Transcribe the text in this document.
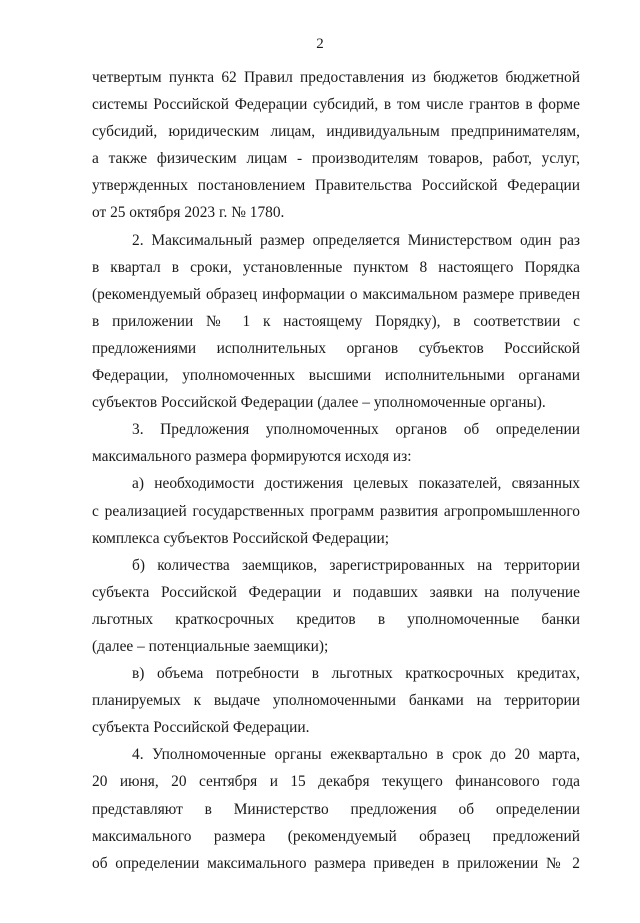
2
четвертым пункта 62 Правил предоставления из бюджетов бюджетной
системы Российской Федерации субсидий, в том числе грантов в форме
субсидий, юридическим лицам, индивидуальным предпринимателям,
а также физическим лицам - производителям товаров, работ, услуг,
утвержденных постановлением Правительства Российской Федерации
от 25 октября 2023 г. № 1780.
2. Максимальный размер определяется Министерством один раз
в квартал в сроки, установленные пунктом 8 настоящего Порядка
(рекомендуемый образец информации о максимальном размере приведен
в приложении № 1 к настоящему Порядку), в соответствии с
предложениями исполнительных органов субъектов Российской
Федерации, уполномоченных высшими исполнительными органами
субъектов Российской Федерации (далее – уполномоченные органы).
3. Предложения уполномоченных органов об определении
максимального размера формируются исходя из:
а) необходимости достижения целевых показателей, связанных
с реализацией государственных программ развития агропромышленного
комплекса субъектов Российской Федерации;
б) количества заемщиков, зарегистрированных на территории
субъекта Российской Федерации и подавших заявки на получение
льготных краткосрочных кредитов в уполномоченные банки
(далее – потенциальные заемщики);
в) объема потребности в льготных краткосрочных кредитах,
планируемых к выдаче уполномоченными банками на территории
субъекта Российской Федерации.
4. Уполномоченные органы ежеквартально в срок до 20 марта,
20 июня, 20 сентября и 15 декабря текущего финансового года
представляют в Министерство предложения об определении
максимального размера (рекомендуемый образец предложений
об определении максимального размера приведен в приложении № 2
